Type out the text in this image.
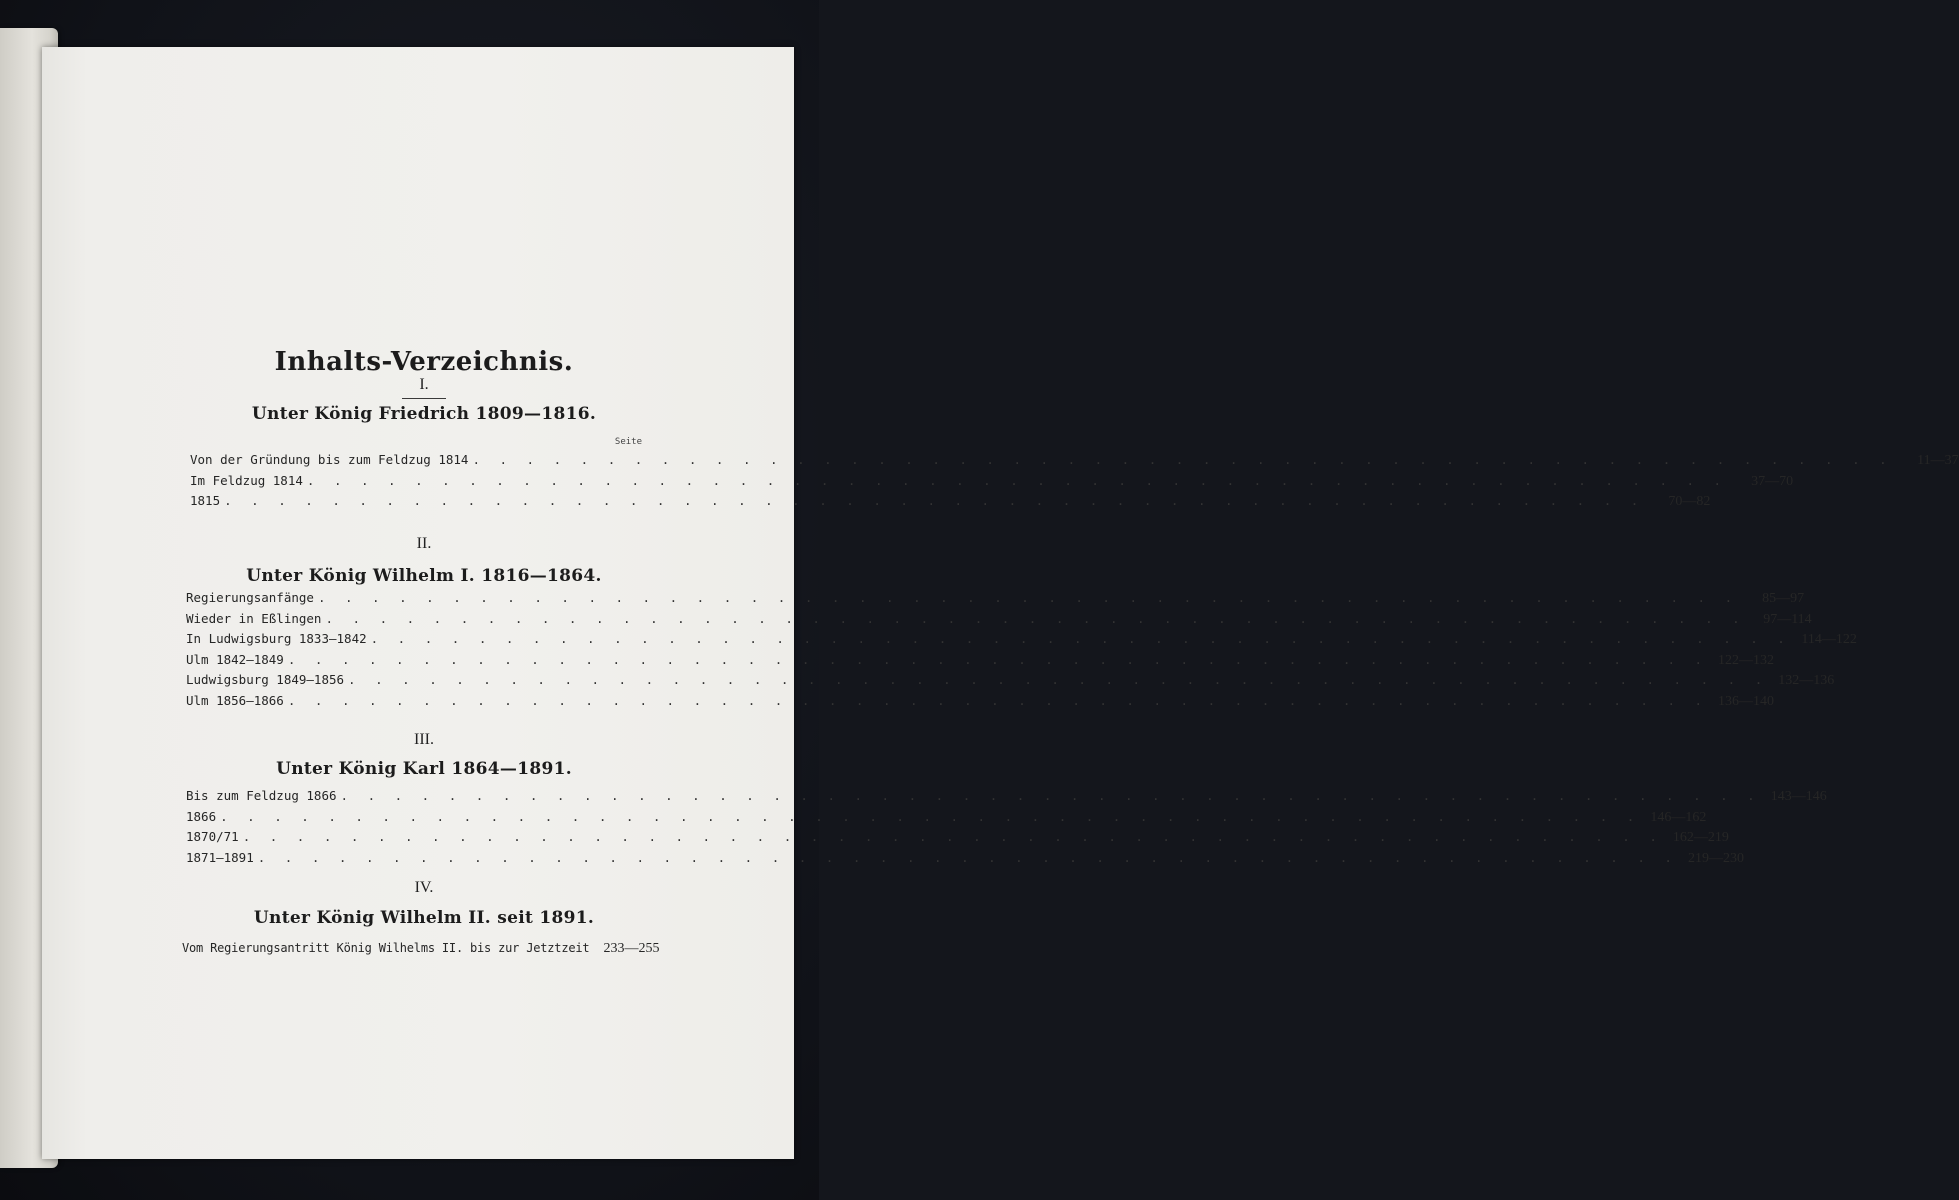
Inhalts-Verzeichnis.
I.
Unter König Friedrich 1809—1816.
Seite
Von der Gründung bis zum Feldzug 1814 . . .	11—37
Im Feldzug 1814 . . .	37—70
1815 . . .	70—82
II.
Unter König Wilhelm I. 1816—1864.
Regierungsanfänge . . .	85—97
Wieder in Eßlingen . . .	97—114
In Ludwigsburg 1833—1842 . . .	114—122
Ulm 1842—1849 . . .	122—132
Ludwigsburg 1849—1856 . . .	132—136
Ulm 1856—1866 . . .	136—140
III.
Unter König Karl 1864—1891.
Bis zum Feldzug 1866 . . .	143—146
1866 . . .	146—162
1870/71 . . .	162—219
1871—1891 . . .	219—230
IV.
Unter König Wilhelm II. seit 1891.
Vom Regierungsantritt König Wilhelms II. bis zur Jetztzeit	233—255
